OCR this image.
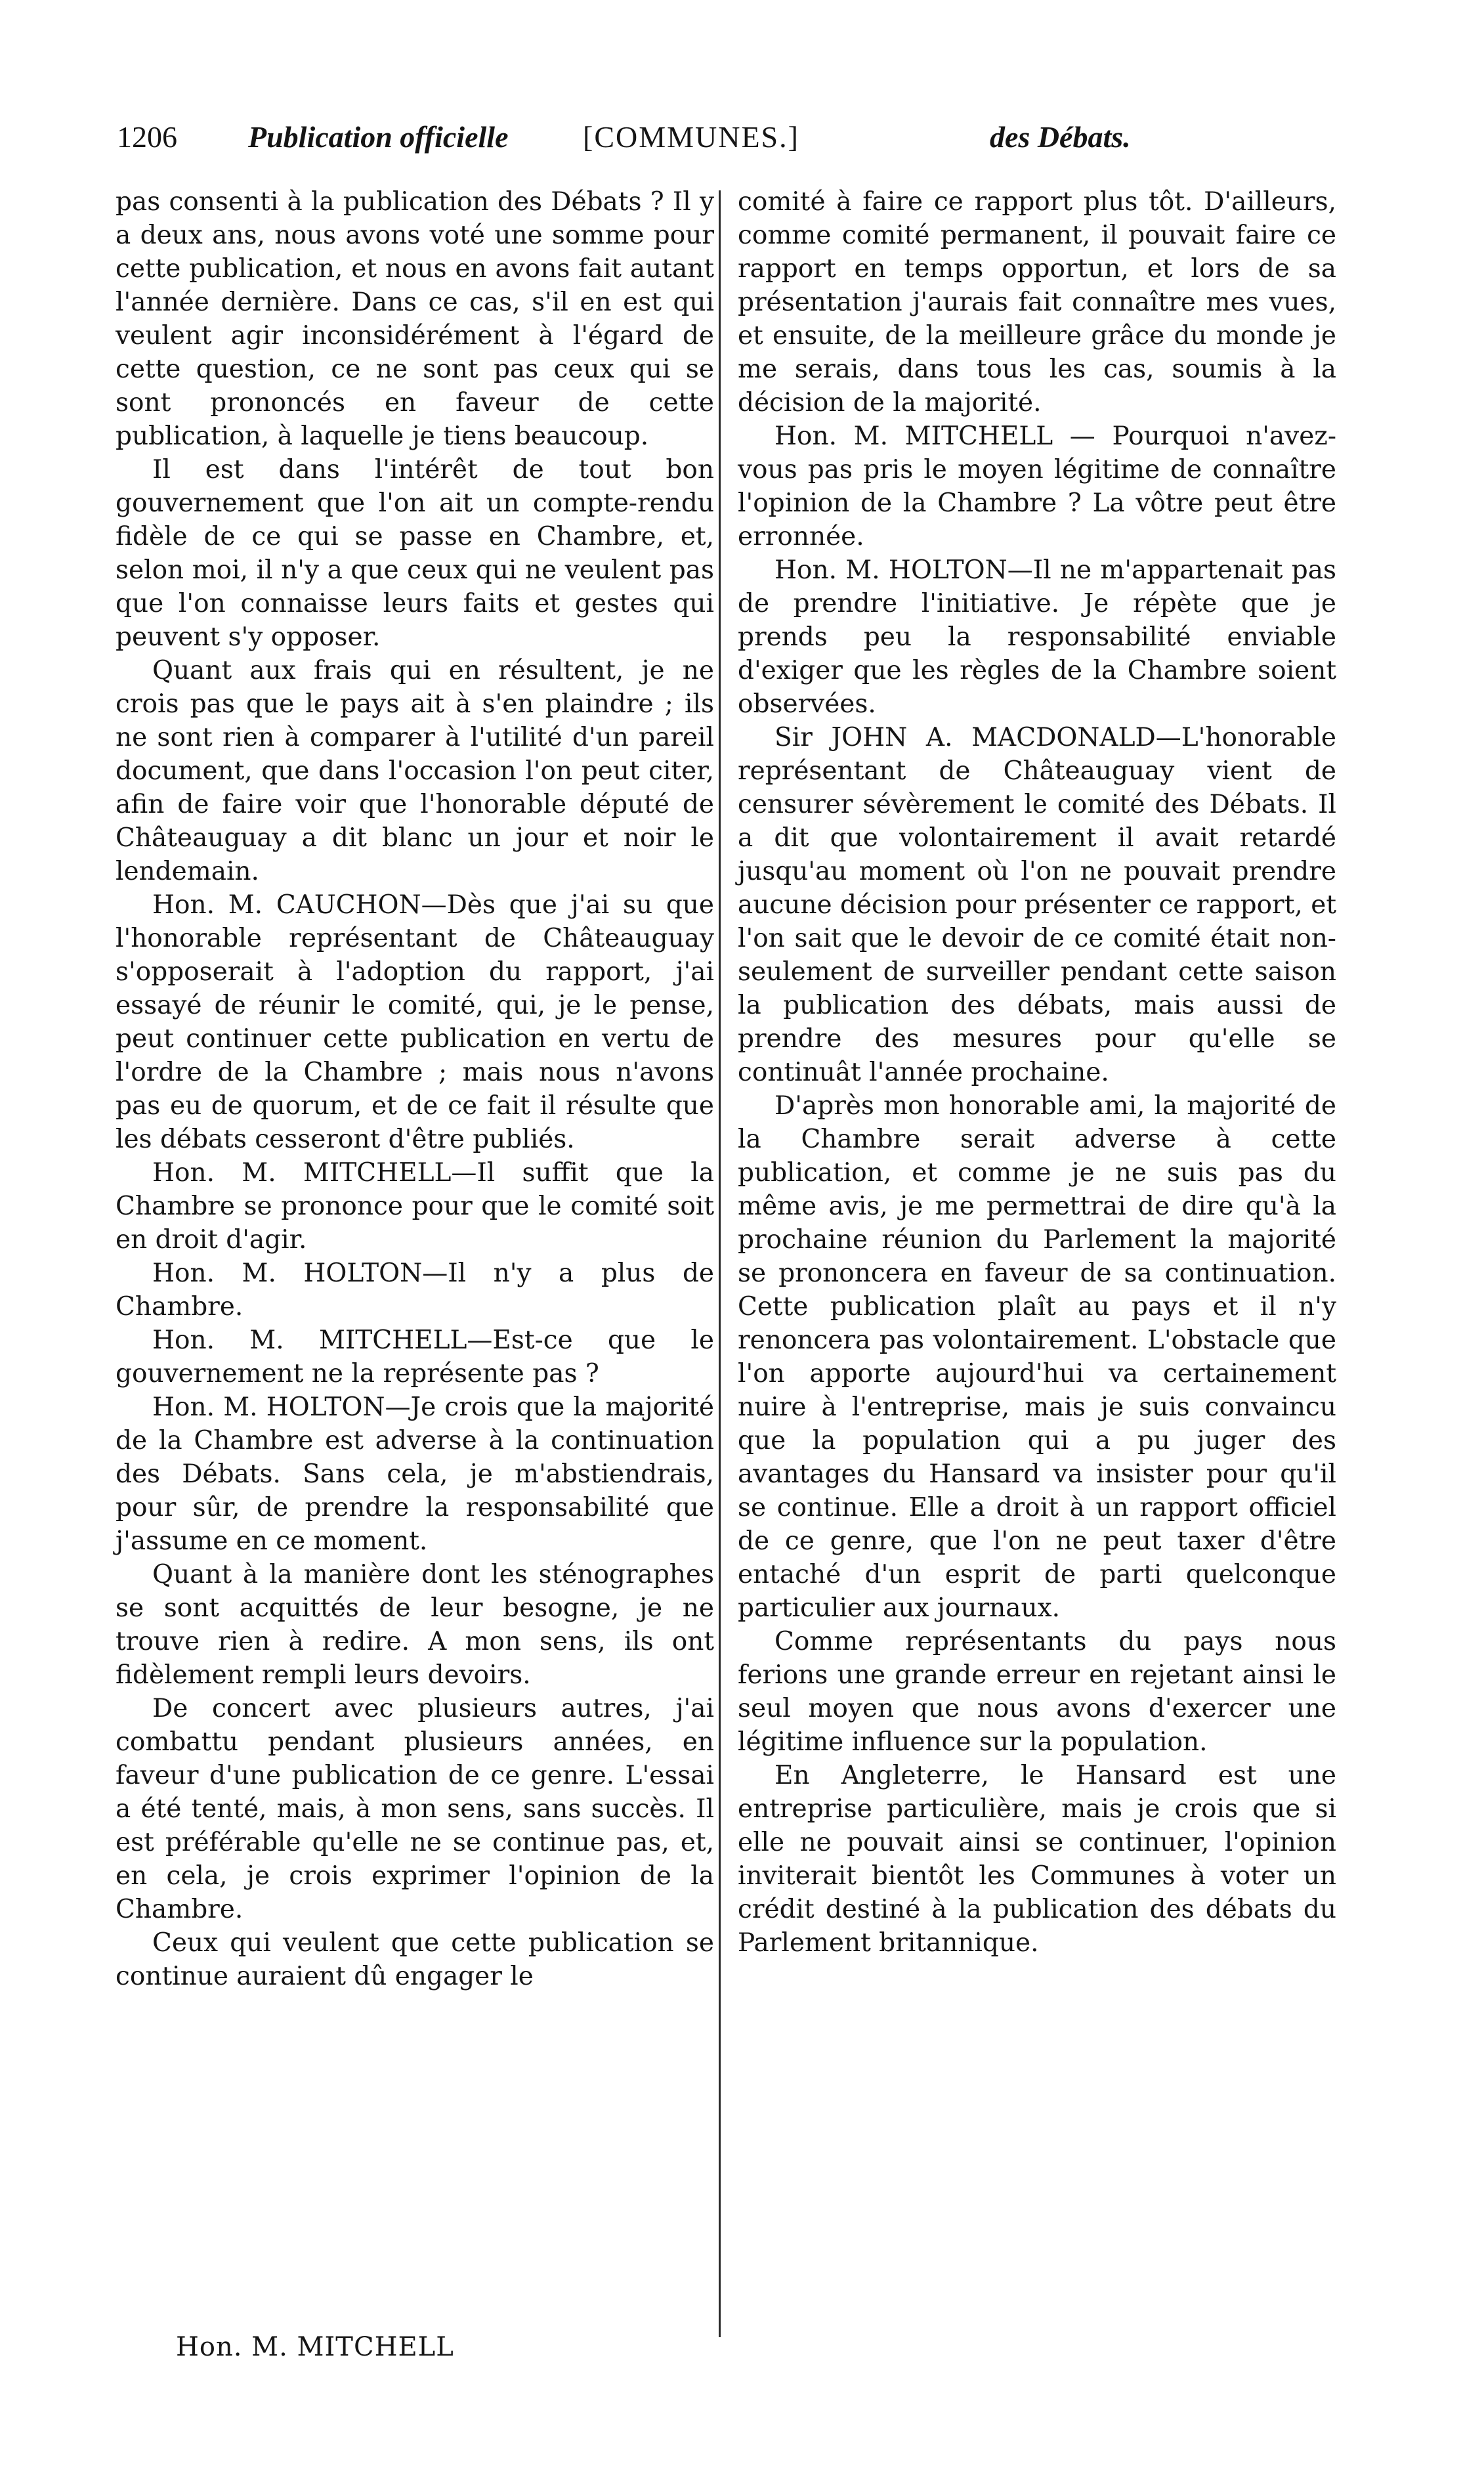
1206 Publication officielle [COMMUNES.]	des Débats.

pas consenti à la publication des Débats ? Il y a deux ans, nous avons voté une somme pour cette publication, et nous en avons fait autant l'année dernière. Dans ce cas, s'il en est qui veulent agir inconsidérément à l'égard de cette question, ce ne sont pas ceux qui se sont prononcés en faveur de cette publication, à laquelle je tiens beaucoup.

Il est dans l'intérêt de tout bon gouvernement que l'on ait un compte-rendu fidèle de ce qui se passe en Chambre, et, selon moi, il n'y a que ceux qui ne veulent pas que l'on connaisse leurs faits et gestes qui peuvent s'y opposer.

Quant aux frais qui en résultent, je ne crois pas que le pays ait à s'en plaindre ; ils ne sont rien à comparer à l'utilité d'un pareil document, que dans l'occasion l'on peut citer, afin de faire voir que l'honorable député de Châteauguay a dit blanc un jour et noir le lendemain.

Hon. M. CAUCHON—Dès que j'ai su que l'honorable représentant de Châteauguay s'opposerait à l'adoption du rapport, j'ai essayé de réunir le comité, qui, je le pense, peut continuer cette publication en vertu de l'ordre de la Chambre ; mais nous n'avons pas eu de quorum, et de ce fait il résulte que les débats cesseront d'être publiés.

Hon. M. MITCHELL—Il suffit que la Chambre se prononce pour que le comité soit en droit d'agir.

Hon. M. HOLTON—Il n'y a plus de Chambre.

Hon. M. MITCHELL—Est-ce que le gouvernement ne la représente pas ?

Hon. M. HOLTON—Je crois que la majorité de la Chambre est adverse à la continuation des Débats. Sans cela, je m'abstiendrais, pour sûr, de prendre la responsabilité que j'assume en ce moment.

Quant à la manière dont les sténographes se sont acquittés de leur besogne, je ne trouve rien à redire. A mon sens, ils ont fidèlement rempli leurs devoirs.

De concert avec plusieurs autres, j'ai combattu pendant plusieurs années, en faveur d'une publication de ce genre. L'essai a été tenté, mais, à mon sens, sans succès. Il est préférable qu'elle ne se continue pas, et, en cela, je crois exprimer l'opinion de la Chambre.

Ceux qui veulent que cette publication se continue auraient dû engager le

comité à faire ce rapport plus tôt. D'ailleurs, comme comité permanent, il pouvait faire ce rapport en temps opportun, et lors de sa présentation j'aurais fait connaître mes vues, et ensuite, de la meilleure grâce du monde je me serais, dans tous les cas, soumis à la décision de la majorité.

Hon. M. MITCHELL — Pourquoi n'avez-vous pas pris le moyen légitime de connaître l'opinion de la Chambre ? La vôtre peut être erronnée.

Hon. M. HOLTON—Il ne m'appartenait pas de prendre l'initiative. Je répète que je prends peu la responsabilité enviable d'exiger que les règles de la Chambre soient observées.

Sir JOHN A. MACDONALD—L'honorable représentant de Châteauguay vient de censurer sévèrement le comité des Débats. Il a dit que volontairement il avait retardé jusqu'au moment où l'on ne pouvait prendre aucune décision pour présenter ce rapport, et l'on sait que le devoir de ce comité était non-seulement de surveiller pendant cette saison la publication des débats, mais aussi de prendre des mesures pour qu'elle se continuât l'année prochaine.

D'après mon honorable ami, la majorité de la Chambre serait adverse à cette publication, et comme je ne suis pas du même avis, je me permettrai de dire qu'à la prochaine réunion du Parlement la majorité se prononcera en faveur de sa continuation. Cette publication plaît au pays et il n'y renoncera pas volontairement. L'obstacle que l'on apporte aujourd'hui va certainement nuire à l'entreprise, mais je suis convaincu que la population qui a pu juger des avantages du Hansard va insister pour qu'il se continue. Elle a droit à un rapport officiel de ce genre, que l'on ne peut taxer d'être entaché d'un esprit de parti quelconque particulier aux journaux.

Comme représentants du pays nous ferions une grande erreur en rejetant ainsi le seul moyen que nous avons d'exercer une légitime influence sur la population.

En Angleterre, le Hansard est une entreprise particulière, mais je crois que si elle ne pouvait ainsi se continuer, l'opinion inviterait bientôt les Communes à voter un crédit destiné à la publication des débats du Parlement britannique.

Hon. M. MITCHELL
